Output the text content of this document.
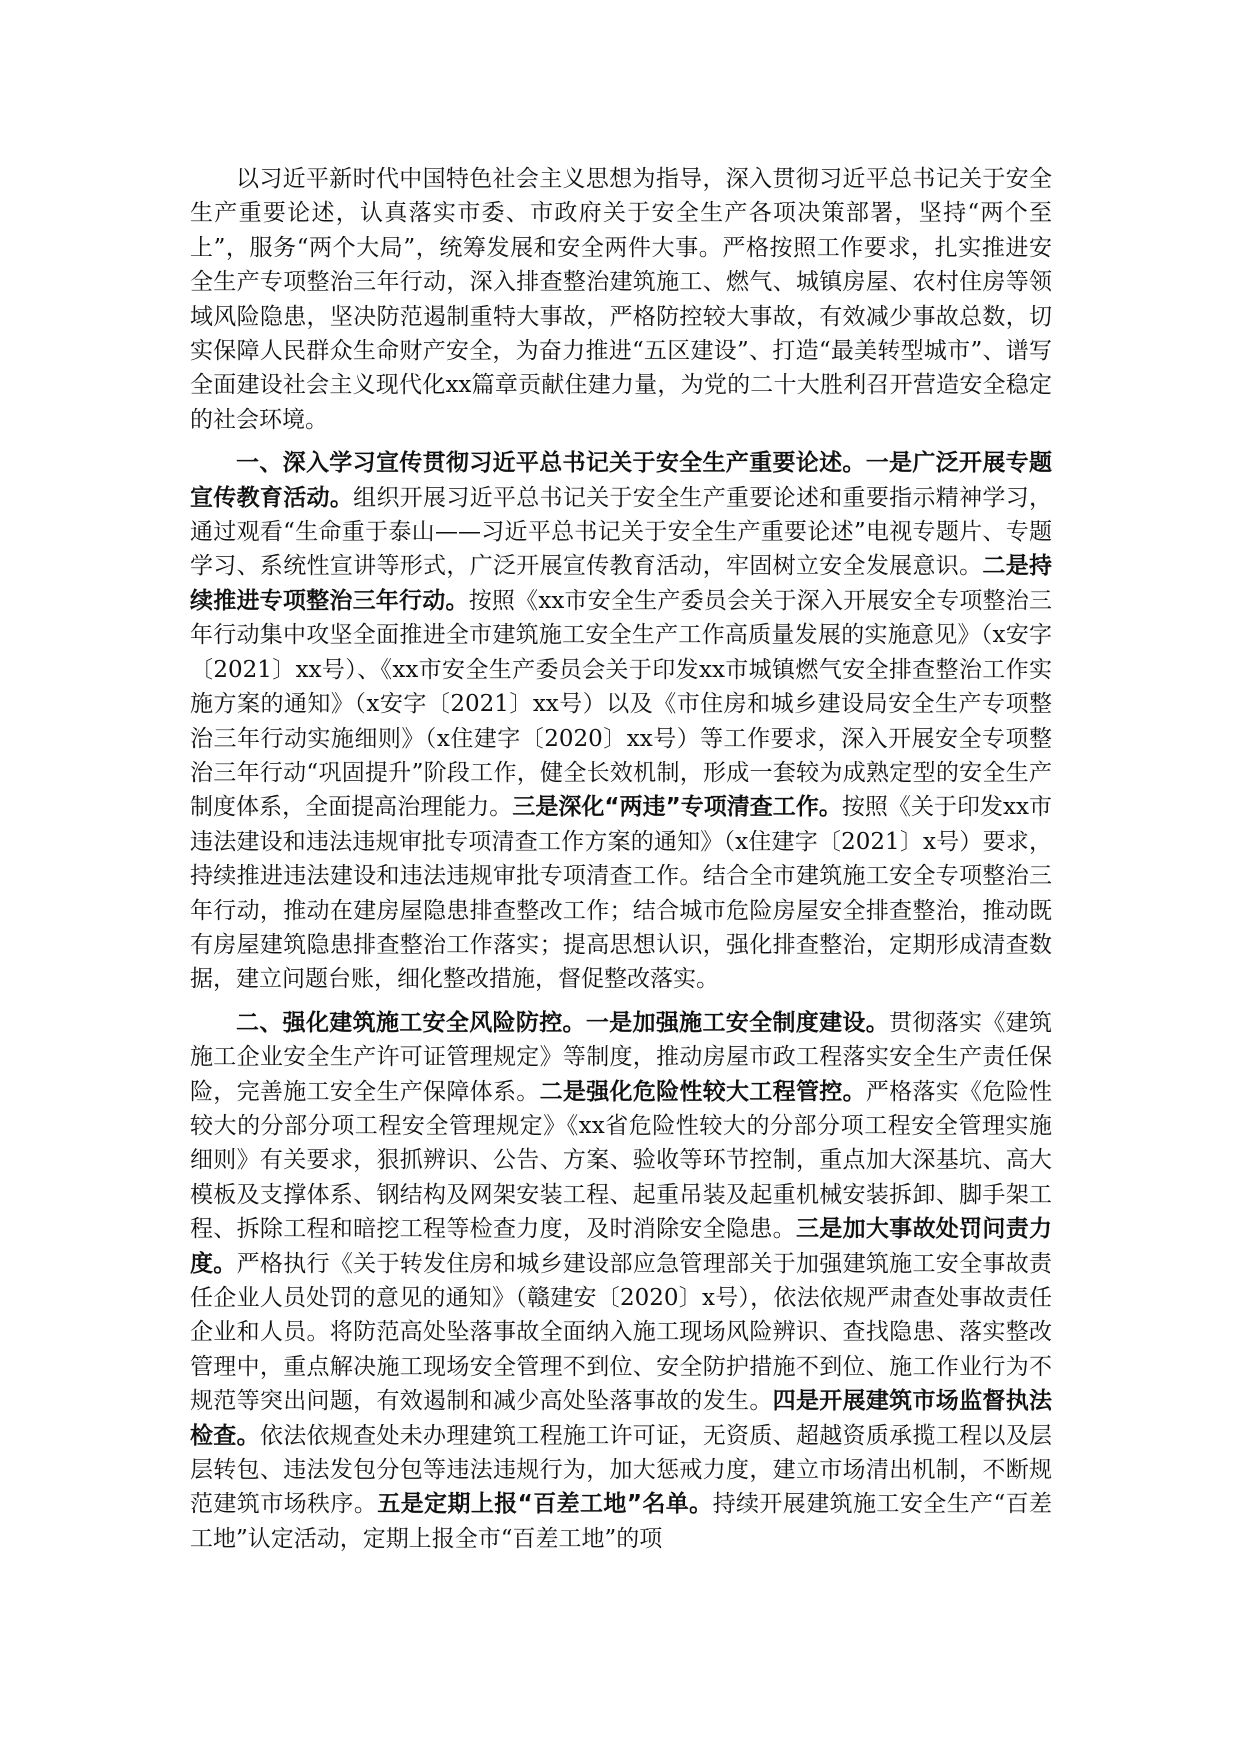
以习近平新时代中国特色社会主义思想为指导，深入贯彻习近平总书记关于安全生产重要论述，认真落实市委、市政府关于安全生产各项决策部署，坚持“两个至上”，服务“两个大局”，统筹发展和安全两件大事。严格按照工作要求，扎实推进安全生产专项整治三年行动，深入排查整治建筑施工、燃气、城镇房屋、农村住房等领域风险隐患，坚决防范遏制重特大事故，严格防控较大事故，有效减少事故总数，切实保障人民群众生命财产安全，为奋力推进“五区建设”、打造“最美转型城市”、谱写全面建设社会主义现代化xx篇章贡献住建力量，为党的二十大胜利召开营造安全稳定的社会环境。

一、深入学习宣传贯彻习近平总书记关于安全生产重要论述。一是广泛开展专题宣传教育活动。组织开展习近平总书记关于安全生产重要论述和重要指示精神学习，通过观看“生命重于泰山——习近平总书记关于安全生产重要论述”电视专题片、专题学习、系统性宣讲等形式，广泛开展宣传教育活动，牢固树立安全发展意识。二是持续推进专项整治三年行动。按照《xx市安全生产委员会关于深入开展安全专项整治三年行动集中攻坚全面推进全市建筑施工安全生产工作高质量发展的实施意见》（x安字〔2021〕xx号）、《xx市安全生产委员会关于印发xx市城镇燃气安全排查整治工作实施方案的通知》（x安字〔2021〕xx号）以及《市住房和城乡建设局安全生产专项整治三年行动实施细则》（x住建字〔2020〕xx号）等工作要求，深入开展安全专项整治三年行动“巩固提升”阶段工作，健全长效机制，形成一套较为成熟定型的安全生产制度体系，全面提高治理能力。三是深化“两违”专项清查工作。按照《关于印发xx市违法建设和违法违规审批专项清查工作方案的通知》（x住建字〔2021〕x号）要求，持续推进违法建设和违法违规审批专项清查工作。结合全市建筑施工安全专项整治三年行动，推动在建房屋隐患排查整改工作；结合城市危险房屋安全排查整治，推动既有房屋建筑隐患排查整治工作落实；提高思想认识，强化排查整治，定期形成清查数据，建立问题台账，细化整改措施，督促整改落实。

二、强化建筑施工安全风险防控。一是加强施工安全制度建设。贯彻落实《建筑施工企业安全生产许可证管理规定》等制度，推动房屋市政工程落实安全生产责任保险，完善施工安全生产保障体系。二是强化危险性较大工程管控。严格落实《危险性较大的分部分项工程安全管理规定》《xx省危险性较大的分部分项工程安全管理实施细则》有关要求，狠抓辨识、公告、方案、验收等环节控制，重点加大深基坑、高大模板及支撑体系、钢结构及网架安装工程、起重吊装及起重机械安装拆卸、脚手架工程、拆除工程和暗挖工程等检查力度，及时消除安全隐患。三是加大事故处罚问责力度。严格执行《关于转发住房和城乡建设部应急管理部关于加强建筑施工安全事故责任企业人员处罚的意见的通知》（赣建安〔2020〕x号），依法依规严肃查处事故责任企业和人员。将防范高处坠落事故全面纳入施工现场风险辨识、查找隐患、落实整改管理中，重点解决施工现场安全管理不到位、安全防护措施不到位、施工作业行为不规范等突出问题，有效遏制和减少高处坠落事故的发生。四是开展建筑市场监督执法检查。依法依规查处未办理建筑工程施工许可证，无资质、超越资质承揽工程以及层层转包、违法发包分包等违法违规行为，加大惩戒力度，建立市场清出机制，不断规范建筑市场秩序。五是定期上报“百差工地”名单。持续开展建筑施工安全生产“百差工地”认定活动，定期上报全市“百差工地”的项
